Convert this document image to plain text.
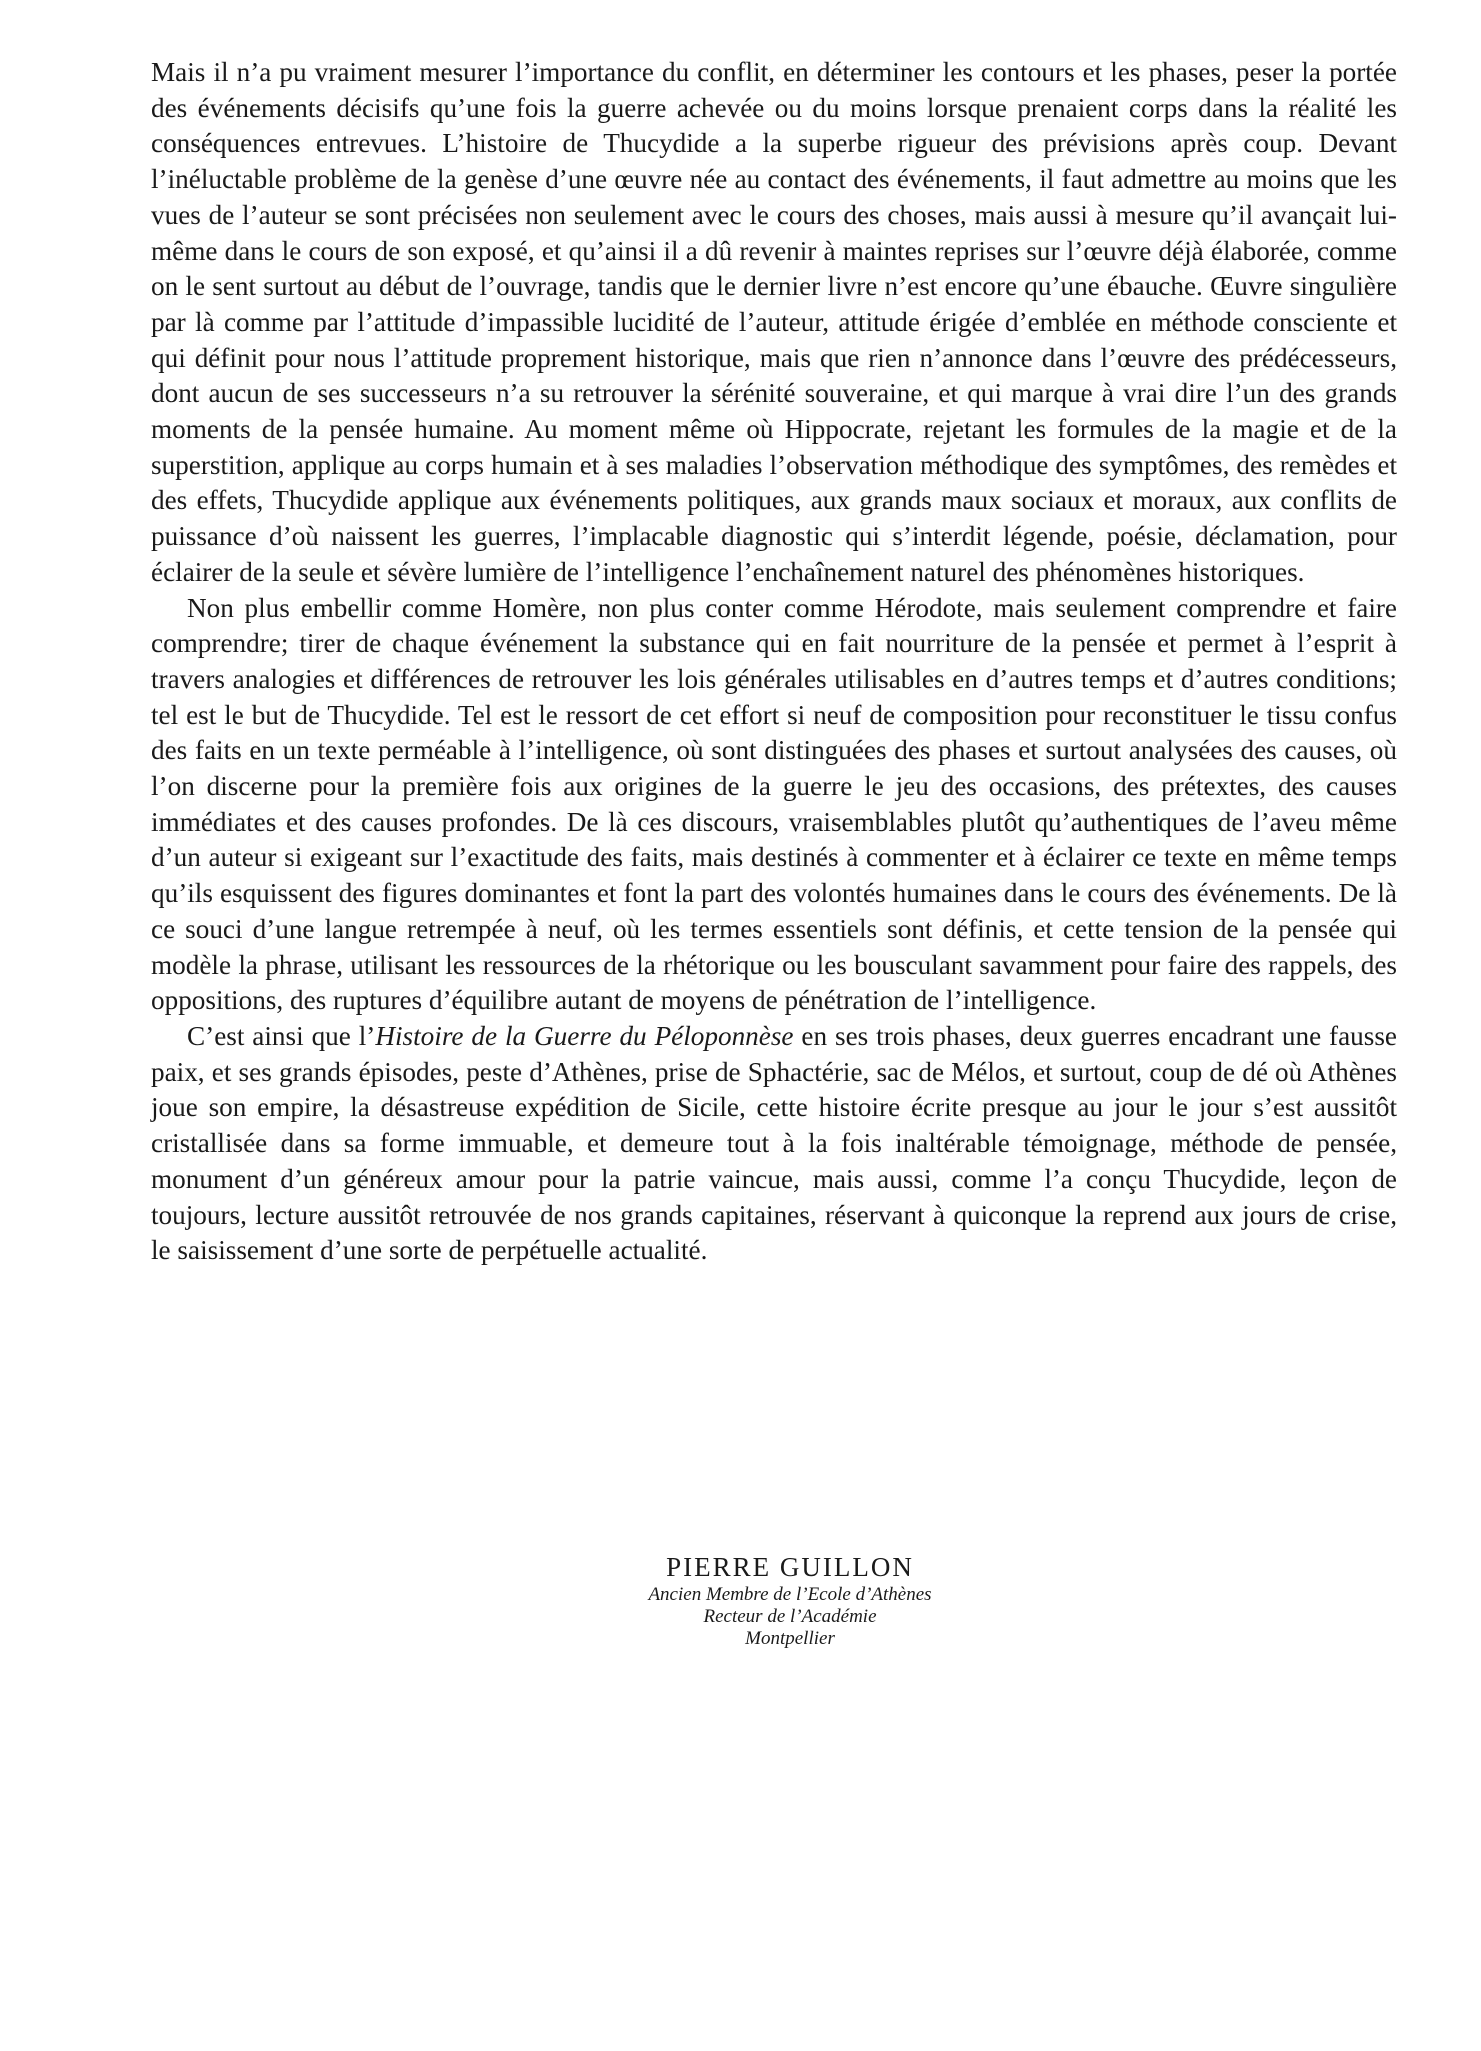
Mais il n’a pu vraiment mesurer l’importance du conflit, en déterminer les contours et les phases, peser la portée des événements décisifs qu’une fois la guerre achevée ou du moins lorsque prenaient corps dans la réalité les conséquences entrevues. L’histoire de Thucydide a la superbe rigueur des prévisions après coup. Devant l’inéluctable problème de la genèse d’une œuvre née au contact des événements, il faut admettre au moins que les vues de l’auteur se sont précisées non seulement avec le cours des choses, mais aussi à mesure qu’il avançait lui-même dans le cours de son exposé, et qu’ainsi il a dû revenir à maintes reprises sur l’œuvre déjà élaborée, comme on le sent surtout au début de l’ouvrage, tandis que le dernier livre n’est encore qu’une ébauche. Œuvre singulière par là comme par l’attitude d’impassible lucidité de l’auteur, attitude érigée d’emblée en méthode consciente et qui définit pour nous l’attitude proprement historique, mais que rien n’annonce dans l’œuvre des prédécesseurs, dont aucun de ses successeurs n’a su retrouver la sérénité souveraine, et qui marque à vrai dire l’un des grands moments de la pensée humaine. Au moment même où Hippocrate, rejetant les formules de la magie et de la superstition, applique au corps humain et à ses maladies l’observation méthodique des symptômes, des remèdes et des effets, Thucydide applique aux événements politiques, aux grands maux sociaux et moraux, aux conflits de puissance d’où naissent les guerres, l’implacable diagnostic qui s’interdit légende, poésie, déclamation, pour éclairer de la seule et sévère lumière de l’intelligence l’enchaînement naturel des phénomènes historiques.

Non plus embellir comme Homère, non plus conter comme Hérodote, mais seulement comprendre et faire comprendre; tirer de chaque événement la substance qui en fait nourriture de la pensée et permet à l’esprit à travers analogies et différences de retrouver les lois générales utilisables en d’autres temps et d’autres conditions; tel est le but de Thucydide. Tel est le ressort de cet effort si neuf de composition pour reconstituer le tissu confus des faits en un texte perméable à l’intelligence, où sont distinguées des phases et surtout analysées des causes, où l’on discerne pour la première fois aux origines de la guerre le jeu des occasions, des prétextes, des causes immédiates et des causes profondes. De là ces discours, vraisemblables plutôt qu’authentiques de l’aveu même d’un auteur si exigeant sur l’exactitude des faits, mais destinés à commenter et à éclairer ce texte en même temps qu’ils esquissent des figures dominantes et font la part des volontés humaines dans le cours des événements. De là ce souci d’une langue retrempée à neuf, où les termes essentiels sont définis, et cette tension de la pensée qui modèle la phrase, utilisant les ressources de la rhétorique ou les bousculant savamment pour faire des rappels, des oppositions, des ruptures d’équilibre autant de moyens de pénétration de l’intelligence.

C’est ainsi que l’Histoire de la Guerre du Péloponnèse en ses trois phases, deux guerres encadrant une fausse paix, et ses grands épisodes, peste d’Athènes, prise de Sphactérie, sac de Mélos, et surtout, coup de dé où Athènes joue son empire, la désastreuse expédition de Sicile, cette histoire écrite presque au jour le jour s’est aussitôt cristallisée dans sa forme immuable, et demeure tout à la fois inaltérable témoignage, méthode de pensée, monument d’un généreux amour pour la patrie vaincue, mais aussi, comme l’a conçu Thucydide, leçon de toujours, lecture aussitôt retrouvée de nos grands capitaines, réservant à quiconque la reprend aux jours de crise, le saisissement d’une sorte de perpétuelle actualité.

PIERRE GUILLON

Ancien Membre de l’Ecole d’Athènes

Recteur de l’Académie

Montpellier
